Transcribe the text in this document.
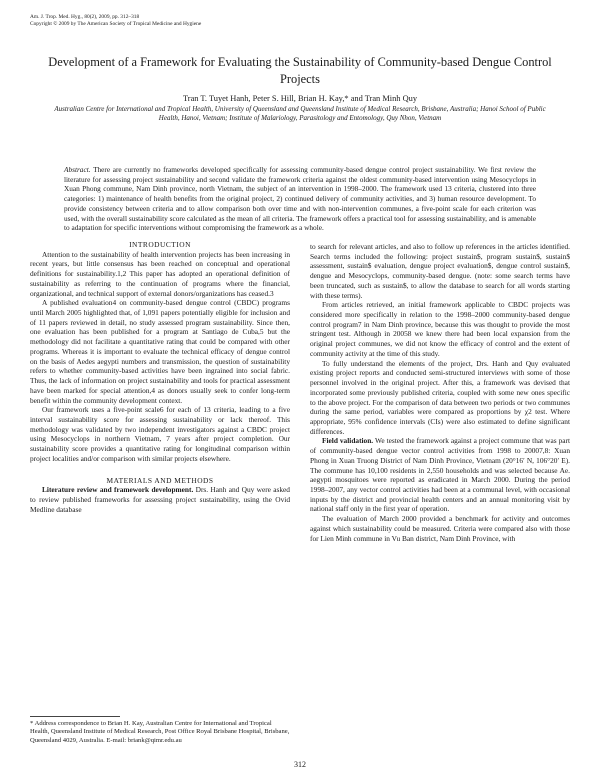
Am. J. Trop. Med. Hyg., 80(2), 2009, pp. 312–318
Copyright © 2009 by The American Society of Tropical Medicine and Hygiene
Development of a Framework for Evaluating the Sustainability of Community-based Dengue Control Projects
Tran T. Tuyet Hanh, Peter S. Hill, Brian H. Kay,* and Tran Minh Quy
Australian Centre for International and Tropical Health, University of Queensland and Queensland Institute of Medical Research, Brisbane, Australia; Hanoi School of Public Health, Hanoi, Vietnam; Institute of Malariology, Parasitology and Entomology, Quy Nhon, Vietnam
Abstract. There are currently no frameworks developed specifically for assessing community-based dengue control project sustainability. We first review the literature for assessing project sustainability and second validate the framework criteria against the oldest community-based intervention using Mesocyclops in Xuan Phong commune, Nam Dinh province, north Vietnam, the subject of an intervention in 1998–2000. The framework used 13 criteria, clustered into three categories: 1) maintenance of health benefits from the original project, 2) continued delivery of community activities, and 3) human resource development. To provide consistency between criteria and to allow comparison both over time and with non-intervention communes, a five-point scale for each criterion was used, with the overall sustainability score calculated as the mean of all criteria. The framework offers a practical tool for assessing sustainability, and is amenable to adaptation for specific interventions without compromising the framework as a whole.

INTRODUCTION

Attention to the sustainability of health intervention projects has been increasing in recent years, but little consensus has been reached on conceptual and operational definitions for sustainability.1,2 This paper has adopted an operational definition of sustainability as referring to the continuation of programs where the financial, organizational, and technical support of external donors/organizations has ceased.3

A published evaluation4 on community-based dengue control (CBDC) programs until March 2005 highlighted that, of 1,091 papers potentially eligible for inclusion and of 11 papers reviewed in detail, no study assessed program sustainability. Since then, one evaluation has been published for a program at Santiago de Cuba,5 but the methodology did not facilitate a quantitative rating that could be compared with other programs. Whereas it is important to evaluate the technical efficacy of dengue control on the basis of Aedes aegypti numbers and transmission, the question of sustainability refers to whether community-based activities have been ingrained into social fabric. Thus, the lack of information on project sustainability and tools for practical assessment have been marked for special attention,4 as donors usually seek to confer long-term benefit within the community development context.

Our framework uses a five-point scale6 for each of 13 criteria, leading to a five interval sustainability score for assessing sustainability or lack thereof. This methodology was validated by two independent investigators against a CBDC project using Mesocyclops in northern Vietnam, 7 years after project completion. Our sustainability score provides a quantitative rating for longitudinal comparison within project localities and/or comparison with similar projects elsewhere.

MATERIALS AND METHODS

Literature review and framework development. Drs. Hanh and Quy were asked to review published frameworks for assessing project sustainability, using the Ovid Medline database

to search for relevant articles, and also to follow up references in the articles identified. Search terms included the following: project sustain$, program sustain$, sustain$ assessment, sustain$ evaluation, dengue project evaluation$, dengue control sustain$, dengue and Mesocyclops, community-based dengue. (note: some search terms have been truncated, such as sustain$, to allow the database to search for all words starting with these terms).

From articles retrieved, an initial framework applicable to CBDC projects was considered more specifically in relation to the 1998–2000 community-based dengue control program7 in Nam Dinh province, because this was thought to provide the most stringent test. Although in 20058 we knew there had been local expansion from the original project communes, we did not know the efficacy of control and the extent of community activity at the time of this study.

To fully understand the elements of the project, Drs. Hanh and Quy evaluated existing project reports and conducted semi-structured interviews with some of those personnel involved in the original project. After this, a framework was devised that incorporated some previously published criteria, coupled with some new ones specific to the above project. For the comparison of data between two periods or two communes during the same period, variables were compared as proportions by χ2 test. Where appropriate, 95% confidence intervals (CIs) were also estimated to define significant differences.

Field validation. We tested the framework against a project commune that was part of community-based dengue vector control activities from 1998 to 20007,8: Xuan Phong in Xuan Truong District of Nam Dinh Province, Vietnam (20°16′ N, 106°20′ E). The commune has 10,100 residents in 2,550 households and was selected because Ae. aegypti mosquitoes were reported as eradicated in March 2000. During the period 1998–2007, any vector control activities had been at a communal level, with occasional inputs by the district and provincial health centers and an annual monitoring visit by national staff only in the first year of operation.

The evaluation of March 2000 provided a benchmark for activity and outcomes against which sustainability could be measured. Criteria were compared also with those for Lien Minh commune in Vu Ban district, Nam Dinh Province, with

* Address correspondence to Brian H. Kay, Australian Centre for International and Tropical Health, Queensland Institute of Medical Research, Post Office Royal Brisbane Hospital, Brisbane, Queensland 4029, Australia. E-mail: briank@qimr.edu.au
312
